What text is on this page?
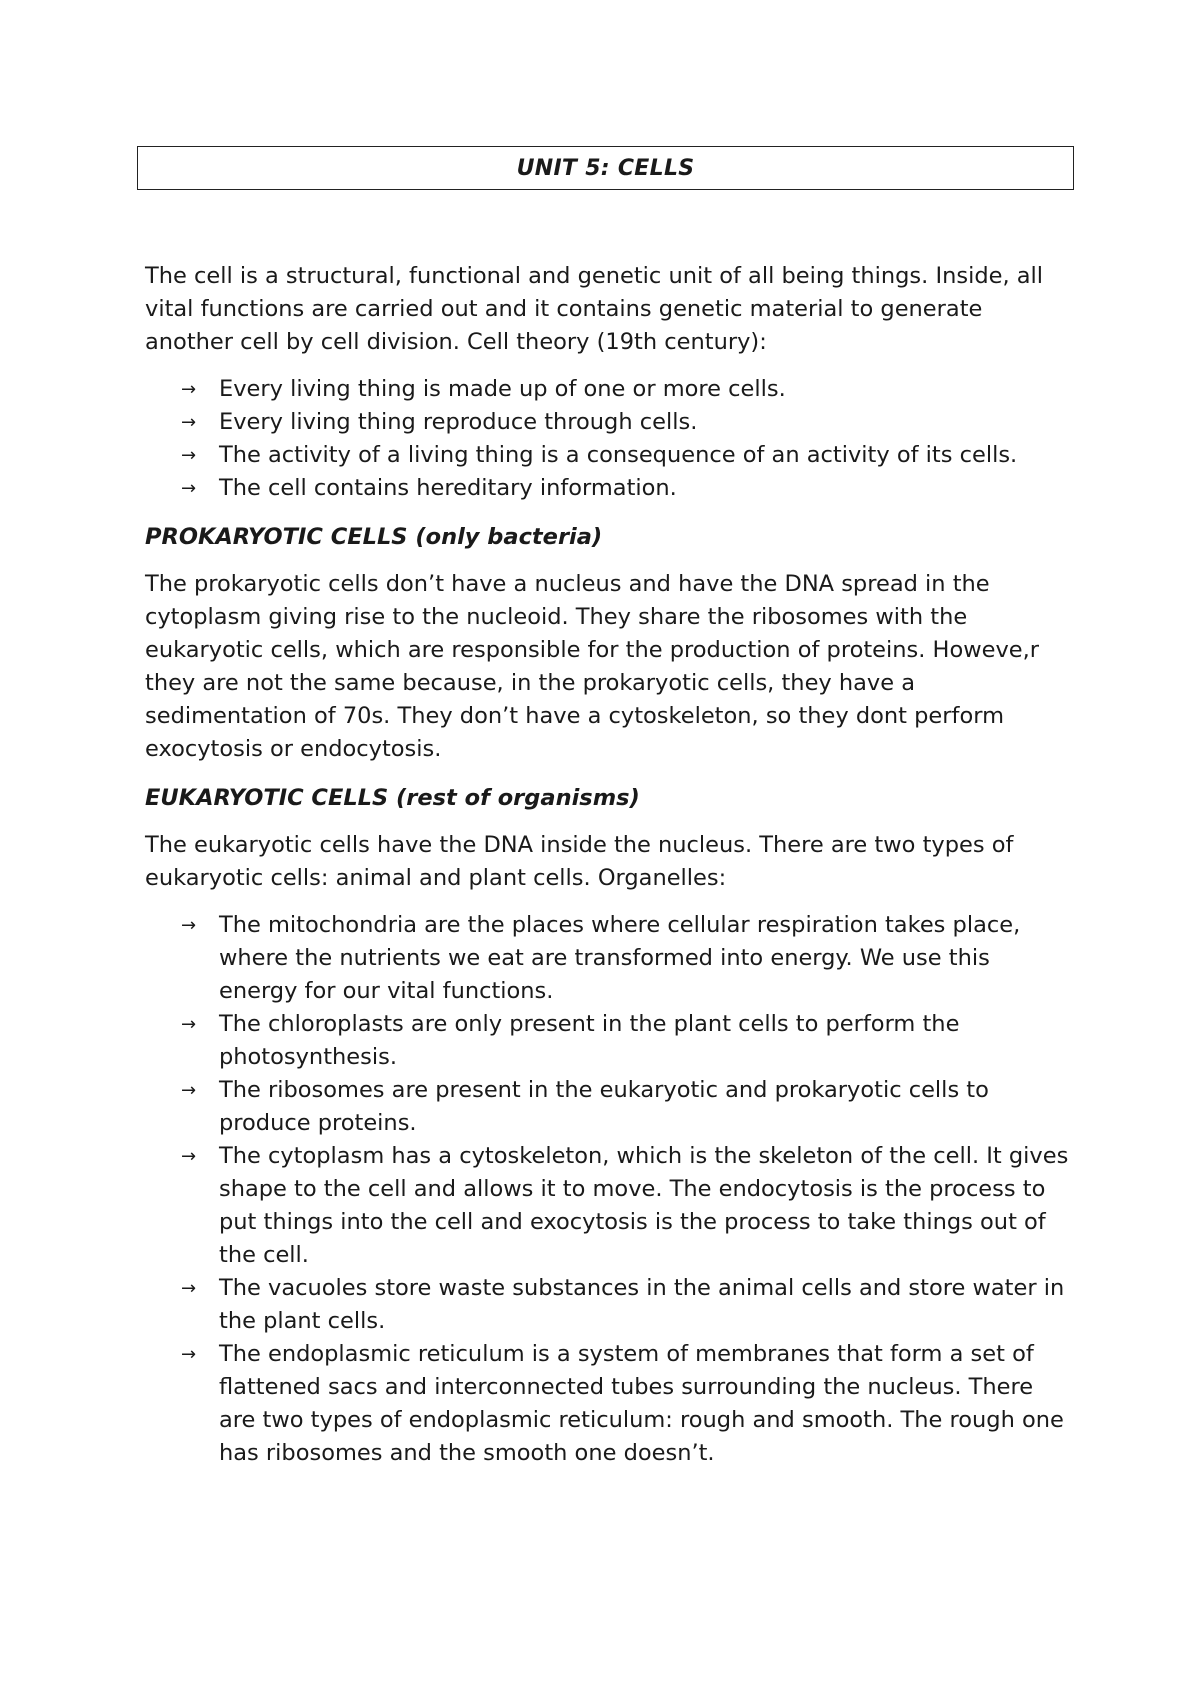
UNIT 5: CELLS

The cell is a structural, functional and genetic unit of all being things. Inside, all vital functions are carried out and it contains genetic material to generate another cell by cell division. Cell theory (19th century):

→ Every living thing is made up of one or more cells.
→ Every living thing reproduce through cells.
→ The activity of a living thing is a consequence of an activity of its cells.
→ The cell contains hereditary information.

PROKARYOTIC CELLS (only bacteria)

The prokaryotic cells don’t have a nucleus and have the DNA spread in the cytoplasm giving rise to the nucleoid. They share the ribosomes with the eukaryotic cells, which are responsible for the production of proteins. Howeve,r they are not the same because, in the prokaryotic cells, they have a sedimentation of 70s. They don’t have a cytoskeleton, so they dont perform exocytosis or endocytosis.

EUKARYOTIC CELLS (rest of organisms)

The eukaryotic cells have the DNA inside the nucleus. There are two types of eukaryotic cells: animal and plant cells. Organelles:

→ The mitochondria are the places where cellular respiration takes place, where the nutrients we eat are transformed into energy. We use this energy for our vital functions.
→ The chloroplasts are only present in the plant cells to perform the photosynthesis.
→ The ribosomes are present in the eukaryotic and prokaryotic cells to produce proteins.
→ The cytoplasm has a cytoskeleton, which is the skeleton of the cell. It gives shape to the cell and allows it to move. The endocytosis is the process to put things into the cell and exocytosis is the process to take things out of the cell.
→ The vacuoles store waste substances in the animal cells and store water in the plant cells.
→ The endoplasmic reticulum is a system of membranes that form a set of flattened sacs and interconnected tubes surrounding the nucleus. There are two types of endoplasmic reticulum: rough and smooth. The rough one has ribosomes and the smooth one doesn’t.
